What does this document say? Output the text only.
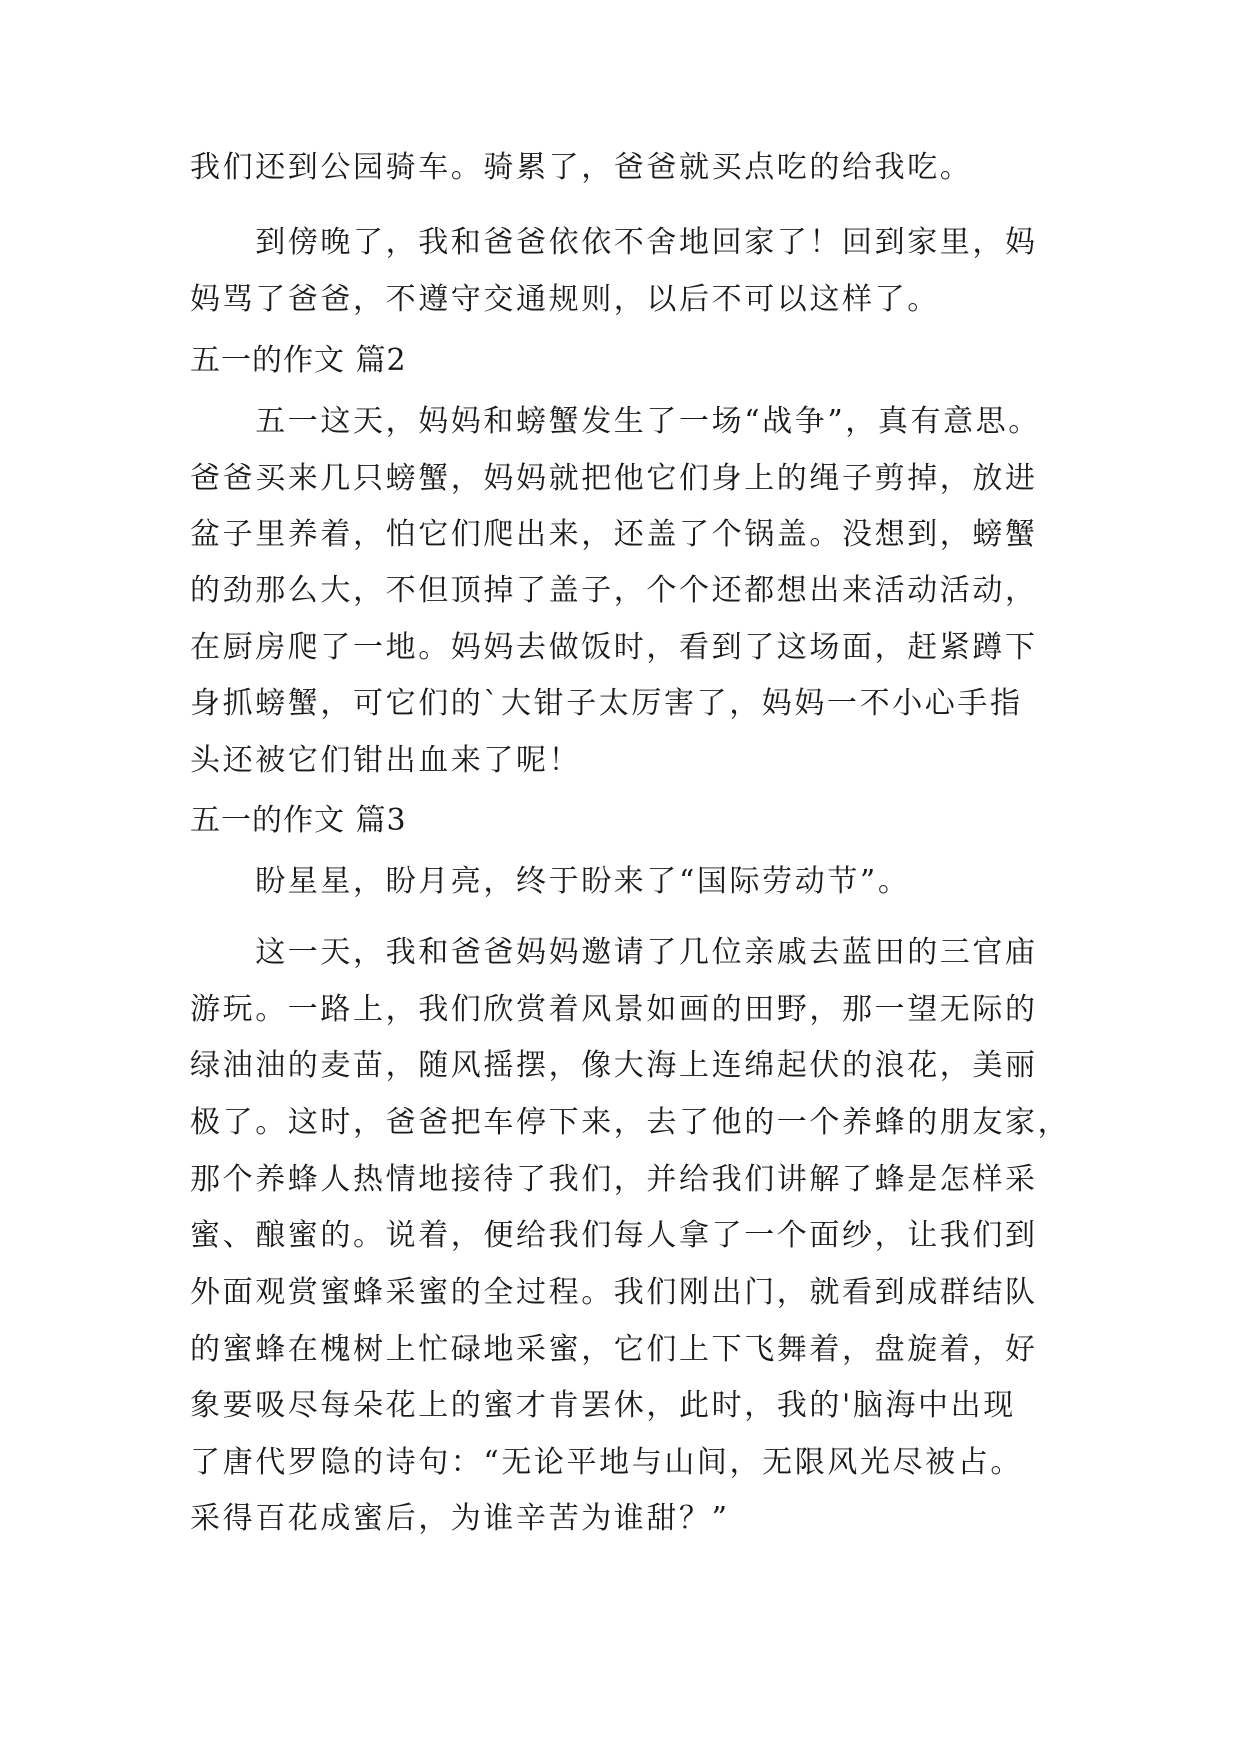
我们还到公园骑车。骑累了，爸爸就买点吃的给我吃。
　　到傍晚了，我和爸爸依依不舍地回家了！回到家里，妈
妈骂了爸爸，不遵守交通规则，以后不可以这样了。
五一的作文 篇2
　　五一这天，妈妈和螃蟹发生了一场“战争”，真有意思。
爸爸买来几只螃蟹，妈妈就把他它们身上的绳子剪掉，放进
盆子里养着，怕它们爬出来，还盖了个锅盖。没想到，螃蟹
的劲那么大，不但顶掉了盖子，个个还都想出来活动活动，
在厨房爬了一地。妈妈去做饭时，看到了这场面，赶紧蹲下
身抓螃蟹，可它们的`大钳子太厉害了，妈妈一不小心手指
头还被它们钳出血来了呢！
五一的作文 篇3
　　盼星星，盼月亮，终于盼来了“国际劳动节”。
　　这一天，我和爸爸妈妈邀请了几位亲戚去蓝田的三官庙
游玩。一路上，我们欣赏着风景如画的田野，那一望无际的
绿油油的麦苗，随风摇摆，像大海上连绵起伏的浪花，美丽
极了。这时，爸爸把车停下来，去了他的一个养蜂的朋友家，
那个养蜂人热情地接待了我们，并给我们讲解了蜂是怎样采
蜜、酿蜜的。说着，便给我们每人拿了一个面纱，让我们到
外面观赏蜜蜂采蜜的全过程。我们刚出门，就看到成群结队
的蜜蜂在槐树上忙碌地采蜜，它们上下飞舞着，盘旋着，好
象要吸尽每朵花上的蜜才肯罢休，此时，我的'脑海中出现
了唐代罗隐的诗句：“无论平地与山间，无限风光尽被占。
采得百花成蜜后，为谁辛苦为谁甜？”
